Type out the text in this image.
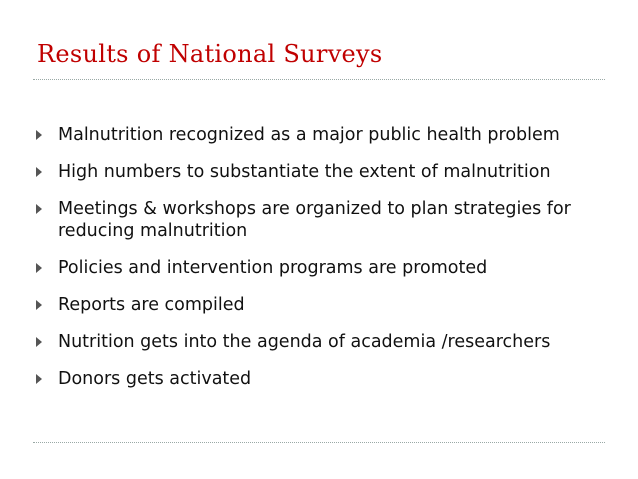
Results of National Surveys
Malnutrition recognized as a major public health problem
High numbers to substantiate the extent of malnutrition
Meetings & workshops are organized to plan strategies for reducing malnutrition
Policies and intervention programs are promoted
Reports are compiled
Nutrition gets into the agenda of academia /researchers
Donors gets activated
